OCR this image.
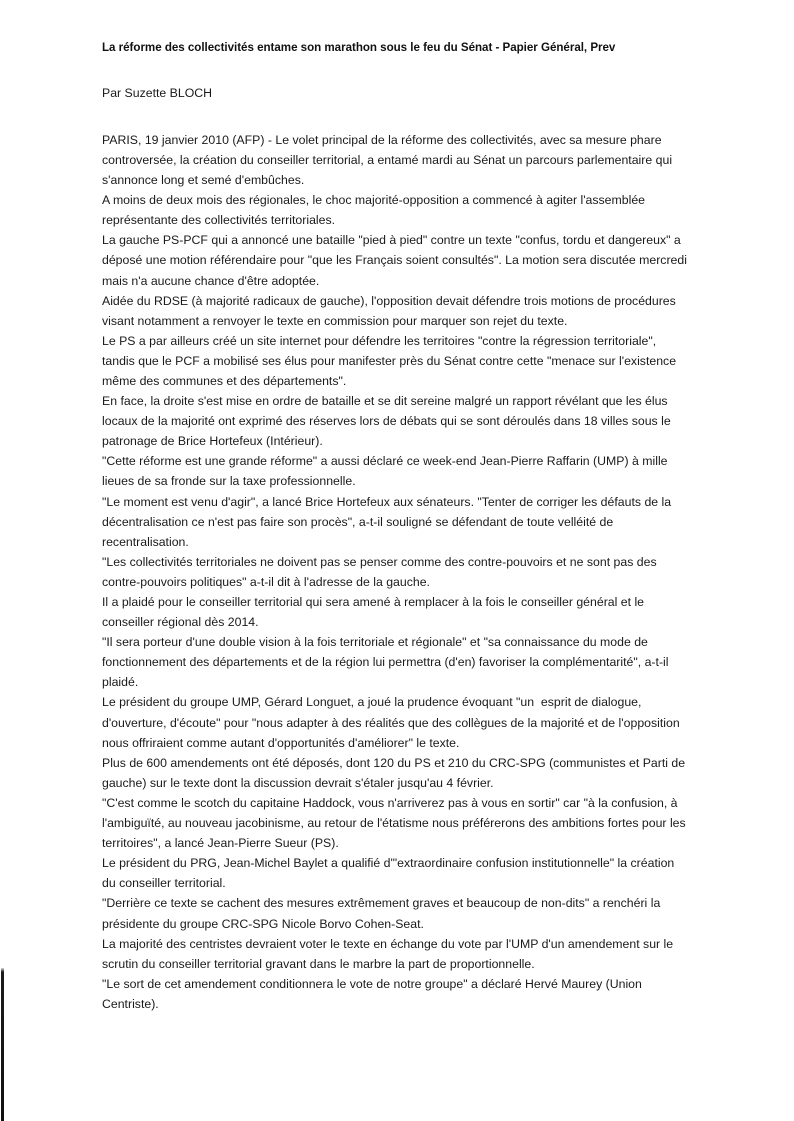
La réforme des collectivités entame son marathon sous le feu du Sénat - Papier Général, Prev

Par Suzette BLOCH

PARIS, 19 janvier 2010 (AFP) - Le volet principal de la réforme des collectivités, avec sa mesure phare controversée, la création du conseiller territorial, a entamé mardi au Sénat un parcours parlementaire qui s'annonce long et semé d'embûches.

A moins de deux mois des régionales, le choc majorité-opposition a commencé à agiter l'assemblée représentante des collectivités territoriales.

La gauche PS-PCF qui a annoncé une bataille "pied à pied" contre un texte "confus, tordu et dangereux" a déposé une motion référendaire pour "que les Français soient consultés". La motion sera discutée mercredi mais n'a aucune chance d'être adoptée.

Aidée du RDSE (à majorité radicaux de gauche), l'opposition devait défendre trois motions de procédures visant notamment a renvoyer le texte en commission pour marquer son rejet du texte.

Le PS a par ailleurs créé un site internet pour défendre les territoires "contre la régression territoriale", tandis que le PCF a mobilisé ses élus pour manifester près du Sénat contre cette "menace sur l'existence même des communes et des départements".

En face, la droite s'est mise en ordre de bataille et se dit sereine malgré un rapport révélant que les élus locaux de la majorité ont exprimé des réserves lors de débats qui se sont déroulés dans 18 villes sous le patronage de Brice Hortefeux (Intérieur).

"Cette réforme est une grande réforme" a aussi déclaré ce week-end Jean-Pierre Raffarin (UMP) à mille lieues de sa fronde sur la taxe professionnelle.

"Le moment est venu d'agir", a lancé Brice Hortefeux aux sénateurs. "Tenter de corriger les défauts de la décentralisation ce n'est pas faire son procès", a-t-il souligné se défendant de toute velléité de recentralisation.

"Les collectivités territoriales ne doivent pas se penser comme des contre-pouvoirs et ne sont pas des contre-pouvoirs politiques" a-t-il dit à l'adresse de la gauche.

Il a plaidé pour le conseiller territorial qui sera amené à remplacer à la fois le conseiller général et le conseiller régional dès 2014.

"Il sera porteur d'une double vision à la fois territoriale et régionale" et "sa connaissance du mode de fonctionnement des départements et de la région lui permettra (d'en) favoriser la complémentarité", a-t-il plaidé.

Le président du groupe UMP, Gérard Longuet, a joué la prudence évoquant "un  esprit de dialogue, d'ouverture, d'écoute" pour "nous adapter à des réalités que des collègues de la majorité et de l'opposition nous offriraient comme autant d'opportunités d'améliorer" le texte.

Plus de 600 amendements ont été déposés, dont 120 du PS et 210 du CRC-SPG (communistes et Parti de gauche) sur le texte dont la discussion devrait s'étaler jusqu'au 4 février.

"C'est comme le scotch du capitaine Haddock, vous n'arriverez pas à vous en sortir" car "à la confusion, à l'ambiguïté, au nouveau jacobinisme, au retour de l'étatisme nous préférerons des ambitions fortes pour les territoires", a lancé Jean-Pierre Sueur (PS).

Le président du PRG, Jean-Michel Baylet a qualifié d'"extraordinaire confusion institutionnelle" la création du conseiller territorial.

"Derrière ce texte se cachent des mesures extrêmement graves et beaucoup de non-dits" a renchéri la présidente du groupe CRC-SPG Nicole Borvo Cohen-Seat.

La majorité des centristes devraient voter le texte en échange du vote par l'UMP d'un amendement sur le scrutin du conseiller territorial gravant dans le marbre la part de proportionnelle.

"Le sort de cet amendement conditionnera le vote de notre groupe" a déclaré Hervé Maurey (Union Centriste).
